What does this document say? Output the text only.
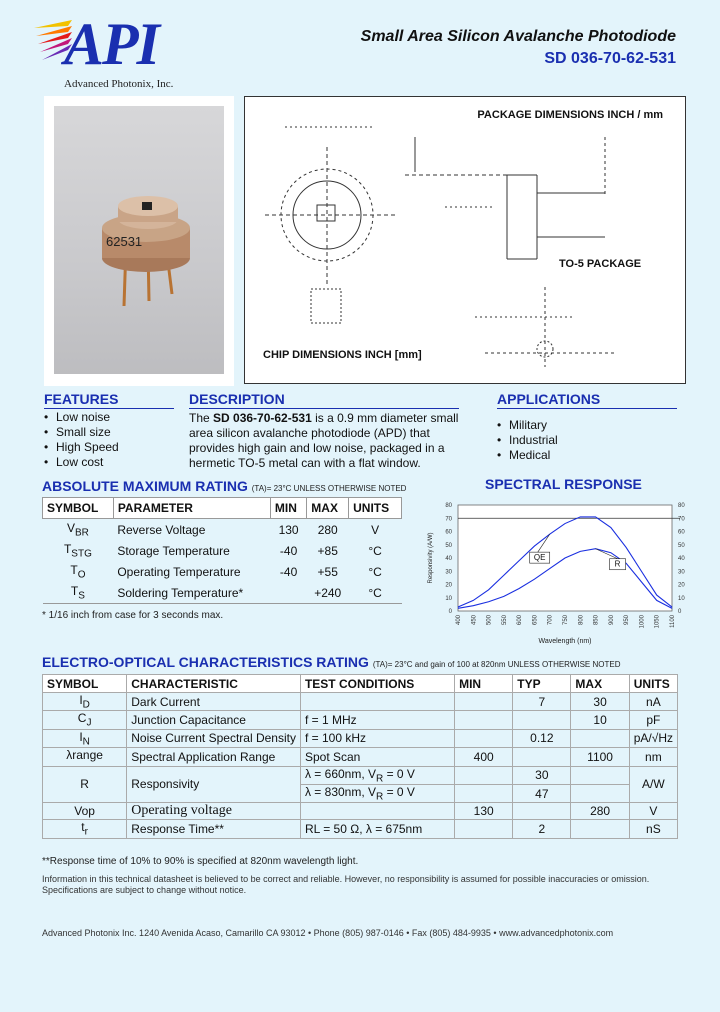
API
Advanced Photonix, Inc.
Small Area Silicon Avalanche Photodiode
SD 036-70-62-531
62531
PACKAGE DIMENSIONS INCH / mm
TO-5 PACKAGE
CHIP DIMENSIONS INCH [mm]
FEATURES
• Low noise
• Small size
• High Speed
• Low cost
DESCRIPTION
The SD 036-70-62-531 is a 0.9 mm diameter small area silicon avalanche photodiode (APD) that provides high gain and low noise, packaged in a hermetic TO-5 metal can with a flat window.
APPLICATIONS
• Military
• Industrial
• Medical
ABSOLUTE MAXIMUM RATING (TA)= 23°C UNLESS OTHERWISE NOTED
SYMBOL	PARAMETER	MIN	MAX	UNITS
$V_{BR}$	Reverse Voltage	130	280	V
$T_{STG}$	Storage Temperature	-40	+85	°C
$T_O$	Operating Temperature	-40	+55	°C
$T_S$	Soldering Temperature*		+240	°C
* 1/16 inch from case for 3 seconds max.
SPECTRAL RESPONSE
0	0
10	10
20	20
30	30
40	40
50	50
60	60
70	70
80	80
400 450 500 550 600 650 700 750 800 850 900 950 1000 1050 1100
Wavelength (nm)
Responsivity (A/W)	R
QE
ELECTRO-OPTICAL CHARACTERISTICS RATING (TA)= 23°C and gain of 100 at 820nm UNLESS OTHERWISE NOTED
SYMBOL	CHARACTERISTIC	TEST CONDITIONS	MIN	TYP	MAX	UNITS
$I_D$	Dark Current			7	30	nA
$C_J$	Junction Capacitance	f = 1 MHz			10	pF
$I_N$	Noise Current Spectral Density	f = 100 kHz		0.12		pA/√Hz
λrange	Spectral Application Range	Spot Scan	400		1100	nm
R	Responsivity	λ = 660nm, $V_R = 0$ V		30		A/W
		λ = 830nm, $V_R = 0$ V		47		
Vop	Operating voltage		130		280	V
$t_r$	Response Time**	RL = 50 Ω, λ = 675nm		2		nS
**Response time of 10% to 90% is specified at 820nm wavelength light.
Information in this technical datasheet is believed to be correct and reliable. However, no responsibility is assumed for possible inaccuracies or omission. Specifications are subject to change without notice.
Advanced Photonix Inc. 1240 Avenida Acaso, Camarillo CA 93012 • Phone (805) 987-0146 • Fax (805) 484-9935 • www.advancedphotonix.com
